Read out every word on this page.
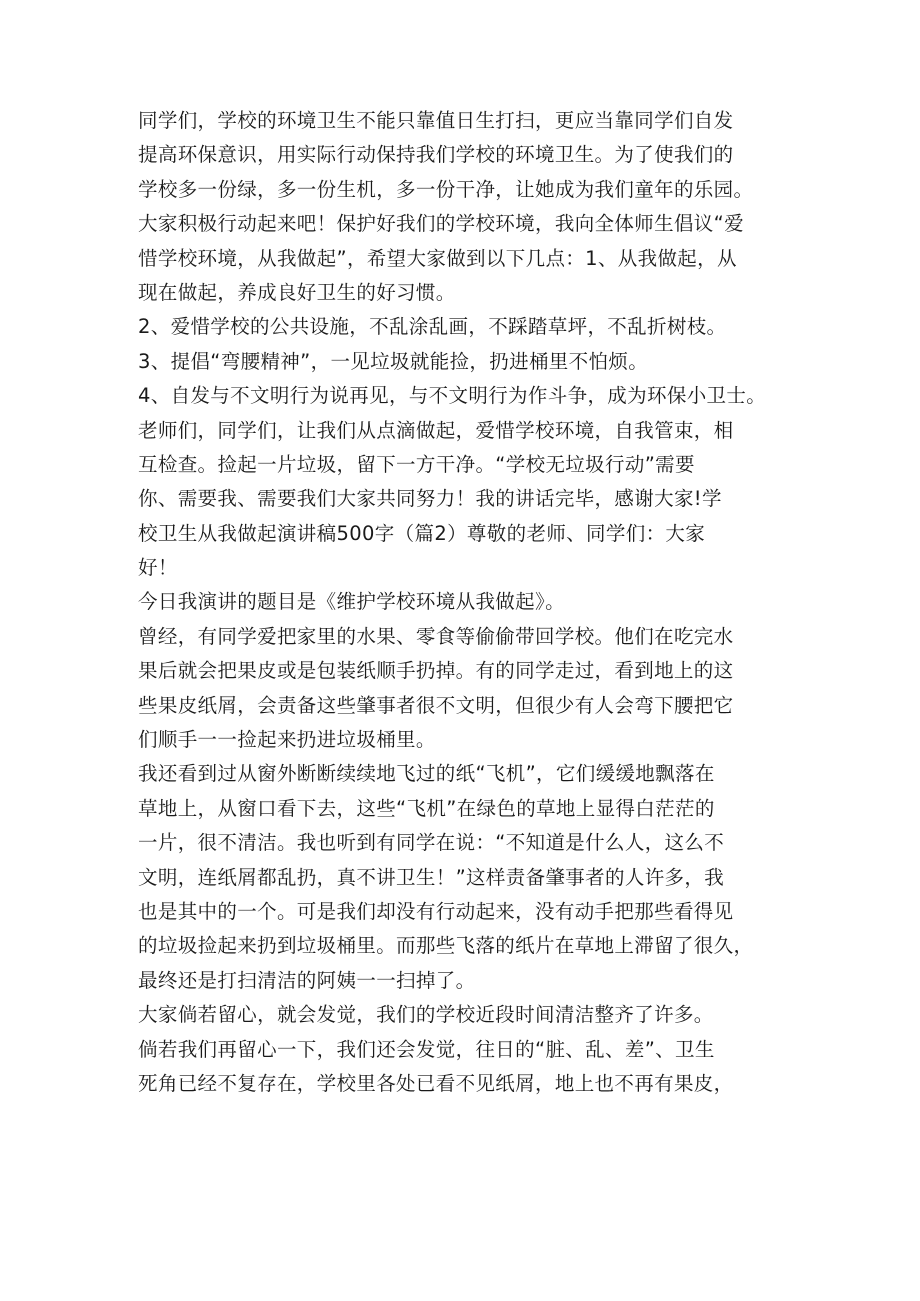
同学们，学校的环境卫生不能只靠值日生打扫，更应当靠同学们自发
提高环保意识，用实际行动保持我们学校的环境卫生。为了使我们的
学校多一份绿，多一份生机，多一份干净，让她成为我们童年的乐园。
大家积极行动起来吧！保护好我们的学校环境，我向全体师生倡议“爱
惜学校环境，从我做起”，希望大家做到以下几点：1、从我做起，从
现在做起，养成良好卫生的好习惯。
2、爱惜学校的公共设施，不乱涂乱画，不踩踏草坪，不乱折树枝。
3、提倡“弯腰精神”，一见垃圾就能捡，扔进桶里不怕烦。
4、自发与不文明行为说再见，与不文明行为作斗争，成为环保小卫士。
老师们，同学们，让我们从点滴做起，爱惜学校环境，自我管束，相
互检查。捡起一片垃圾，留下一方干净。“学校无垃圾行动”需要
你、需要我、需要我们大家共同努力！我的讲话完毕，感谢大家!学
校卫生从我做起演讲稿500字（篇2）尊敬的老师、同学们：大家
好！
今日我演讲的题目是《维护学校环境从我做起》。
曾经，有同学爱把家里的水果、零食等偷偷带回学校。他们在吃完水
果后就会把果皮或是包装纸顺手扔掉。有的同学走过，看到地上的这
些果皮纸屑，会责备这些肇事者很不文明，但很少有人会弯下腰把它
们顺手一一捡起来扔进垃圾桶里。
我还看到过从窗外断断续续地飞过的纸“飞机”，它们缓缓地飘落在
草地上，从窗口看下去，这些“飞机”在绿色的草地上显得白茫茫的
一片，很不清洁。我也听到有同学在说：“不知道是什么人，这么不
文明，连纸屑都乱扔，真不讲卫生！”这样责备肇事者的人许多，我
也是其中的一个。可是我们却没有行动起来，没有动手把那些看得见
的垃圾捡起来扔到垃圾桶里。而那些飞落的纸片在草地上滞留了很久，
最终还是打扫清洁的阿姨一一扫掉了。
大家倘若留心，就会发觉，我们的学校近段时间清洁整齐了许多。
倘若我们再留心一下，我们还会发觉，往日的“脏、乱、差”、卫生
死角已经不复存在，学校里各处已看不见纸屑，地上也不再有果皮，
